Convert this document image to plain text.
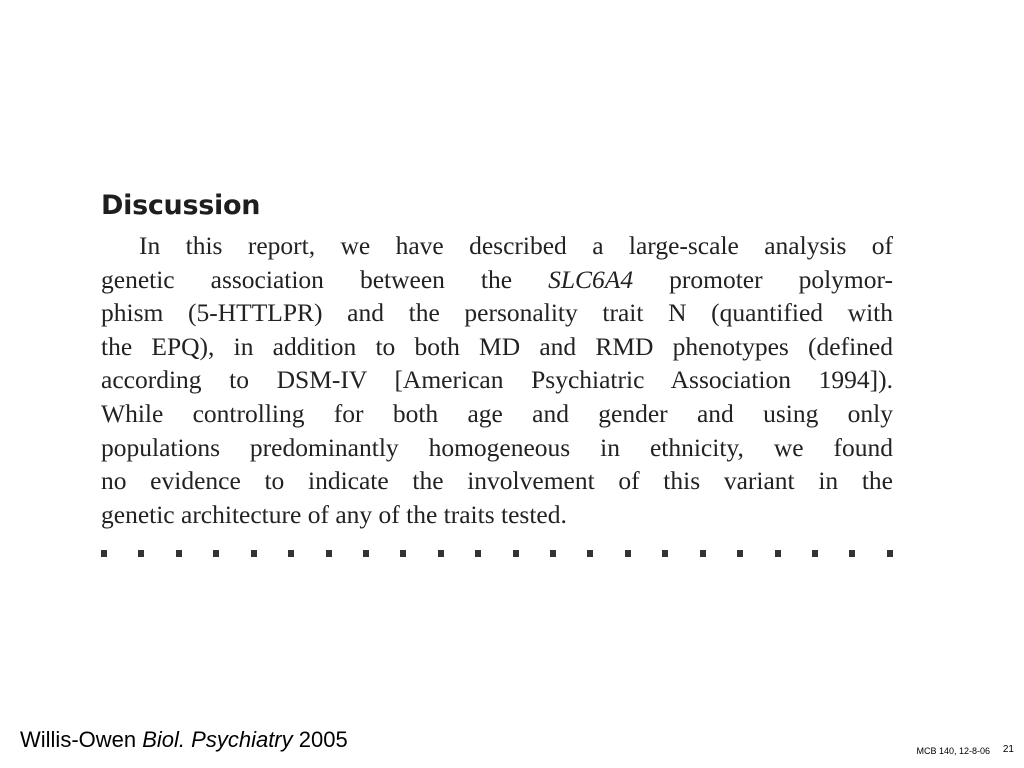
Discussion
In this report, we have described a large-scale analysis of
genetic association between the SLC6A4 promoter polymor-
phism (5-HTTLPR) and the personality trait N (quantified with
the EPQ), in addition to both MD and RMD phenotypes (defined
according to DSM-IV [American Psychiatric Association 1994]).
While controlling for both age and gender and using only
populations predominantly homogeneous in ethnicity, we found
no evidence to indicate the involvement of this variant in the
genetic architecture of any of the traits tested.
Willis-Owen Biol. Psychiatry 2005	MCB 140, 12-8-06 21
